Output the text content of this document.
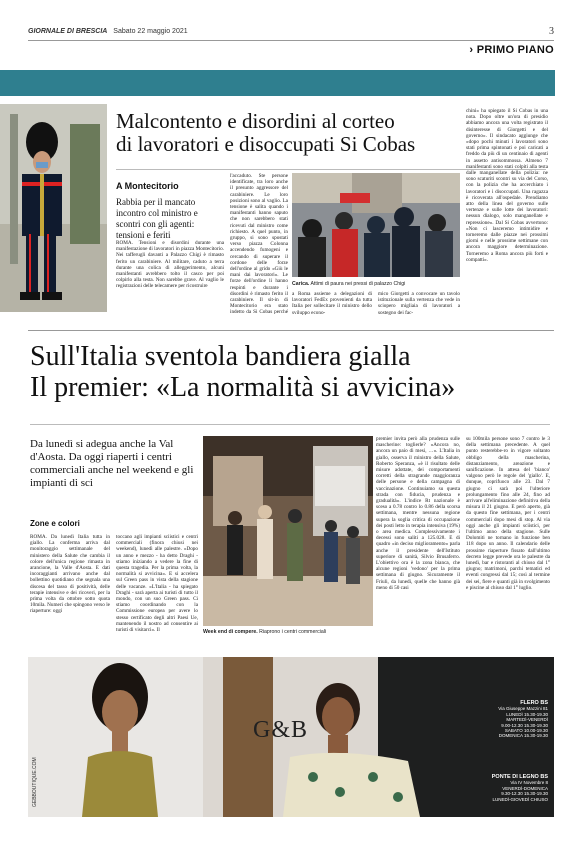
GIORNALE DI BRESCIA Sabato 22 maggio 2021	3
› PRIMO PIANO
Malcontento e disordini al corteo
di lavoratori e disoccupati Si Cobas
A Montecitorio
Rabbia per il mancato incontro col ministro e scontri con gli agenti: tensioni e feriti
ROMA. Tensioni e disordini durante una manifestazione di lavoratori in piazza Montecitorio. Nei tafferugli davanti a Palazzo Chigi è rimasto ferito un carabiniere. Al militare, caduto a terra durante una colica di alleggerimento, alcuni manifestanti avrebbero tolto il casco per poi colpirlo alla testa. Non sarebbe grave. Al vaglio le registrazioni delle telecamere per ricostruire
l'accaduto. Ste persone identificate, tra loro anche il presunto aggressore del carabiniere. Le loro posizioni sono al vaglio. La tensione è salita quando i manifestanti hanno saputo che non sarebbero stati ricevuti dal ministro come richiesto. A quel punto, in gruppo, si sono spostati verso piazza Colonna accendendo fumogeni e cercando di superare il cordone delle forze dell'ordine al grido «Giù le mani dai lavoratori». Le forze dell'ordine li hanno respinti e durante i disordini è rimasto ferito il carabiniere. Il sit-in di Montecitorio era stato indetto da Si Cobas perché
Carica. Attimi di paura nei pressi di palazzo Chigi
a Roma assieme a delegazioni di lavoratori FedEx provenienti da tutta Italia per sollecitare il ministro dello sviluppo econo-
mico Giorgetti a convocare un tavolo istituzionale sulla vertenza che vede in sciopero migliaia di lavoratori a sostegno dei fac-
chini» ha spiegato il Si Cobas in una nota. Dopo oltre un'ora di presidio abbiamo ancora una volta registrato il disinteresse di Giorgetti e del governo». Il sindacato aggiunge che «dopo pochi minuti i lavoratori sono stati prima spintonati e poi caricati a freddo da più di un centinaio di agenti in assetto antisommossa. Almeno 7 manifestanti sono stati colpiti alla testa dalle manganellate della polizia: ne sono scaturiti scontri su via del Corso, con la polizia che ha accerchiato i lavoratori e i disoccupati. Una ragazza è ricoverata all'ospedale. Prendiamo atto della linea del governo sulle vertenze e sulle lotte dei lavoratori: nessun dialogo, solo manganellate e repressione». Dal Si Cobas avvertono: «Non ci lasceremo intimidire e torneremo dalle piazze nei prossimi giorni e nelle prossime settimane con ancora maggiore determinazione. Torneremo a Roma ancora più forti e compatti».
Sull'Italia sventola bandiera gialla
Il premier: «La normalità si avvicina»
Da lunedì si adegua anche la Val d'Aosta. Da oggi riaperti i centri commerciali anche nel weekend e gli impianti di sci
Zone e colori
ROMA. Da lunedì Italia tutta in giallo. La conferma arriva dal monitoraggio settimanale del ministero della Salute che cambia il colore dell'unica regione rimasta in arancione, la Valle d'Aosta. E dati incoraggianti arrivano anche dal bollettino quotidiano che segnala una discesa del tasso di positività, delle terapie intensive e dei ricoveri, per la prima volta da ottobre sotto quota 10mila. Numeri che spingono verso le riaperture: oggi
toccano agli impianti sciistici e centri commerciali (finora chiusi nei weekend), lunedì alle palestre. «Dopo un anno e mezzo - ha detto Draghi - stiamo iniziando a vedere la fine di questa tragedia. Per la prima volta, la normalità si avvicina». E si accelera sul Green pass in vista della stagione delle vacanze. «L'Italia - ha spiegato Draghi - sarà aperta ai turisti di tutto il mondo, con un suo Green pass. Ci stiamo coordinando con la Commissione europea per avere lo stesso certificato degli altri Paesi Ue, mantenendo il nostro ad consentire ai turisti di visitarci». Il	Week end di compere. Riaprono i centri commerciali
premier invita però alla prudenza sulle mascherine: toglierle? «Ancora no, ancora un paio di mesi, …». L'Italia in giallo, osserva il ministro della Salute, Roberto Speranza, «è il risultato delle misure adottate, dei comportamenti corretti della stragrande maggioranza delle persone e della campagna di vaccinazione. Continuiamo su questa strada con fiducia, prudenza e gradualità». L'indice Rt nazionale è sceso a 0.78 contro lo 0.86 della scorsa settimana, mentre nessuna regione supera la soglia critica di occupazione dei posti letto in terapia intensiva (19%) o area medica. Complessivamente i decessi sono saliti a 125.028. E di quadro «in deciso miglioramento» parla anche il presidente dell'Istituto superiore di sanità, Silvio Brusaferro. L'obiettivo ora è la zona bianca, che alcune regioni 'vedono' per la prima settimana di giugno. Sicuramente il Friuli, da lunedì, quelle che hanno già meno di 50 casi
su 100mila persone sono 7 contro le 3 della settimana precedente. A quel punto resterebbe-ro in vigore soltanto obbligo della mascherina, distanziamento, areazione e sanificazione. In attesa del 'bianco' valgono però le regole del 'giallo'. E, dunque, coprifuoco alle 23. Dal 7 giugno ci sarà poi l'ulteriore prolungamento fino alle 24, fino ad arrivare all'eliminazione definitiva della misura il 21 giugno. E però aperto, già da questo fine settimana, per i centri commerciali dopo mesi di stop. Al via oggi anche gli impianti sciistici, per l'ultimo anno della stagione. Sulle Dolomiti ne tornano in funzione ben 118 dopo un anno. Il calendario delle prossime riaperture fissato dall'ultimo decreto legge prevede ora le palestre da lunedì, bar e ristoranti al chiuso dal 1° giugno; matrimoni, parchi tematici ed eventi congressi dal 15; così al termine dei sei, fiere e quanti già in svolgimento e piscine al chiuso dal 1° luglio.
G&B
GEBBOUTIQUE.COM
FLERO BS
Via Giuseppe Mazzini 81
LUNEDÌ 15.30-19.30
MARTEDÌ-VENERDÌ
9.00-12.30 15.30-19.30
SABATO 10.00-19.30
DOMENICA 15.30-19.30
PONTE DI LEGNO BS
Via IV Novembre 8
VENERDÌ-DOMENICA
9.30-12.30 15.30-19.30
LUNEDÌ-GIOVEDÌ CHIUSO
